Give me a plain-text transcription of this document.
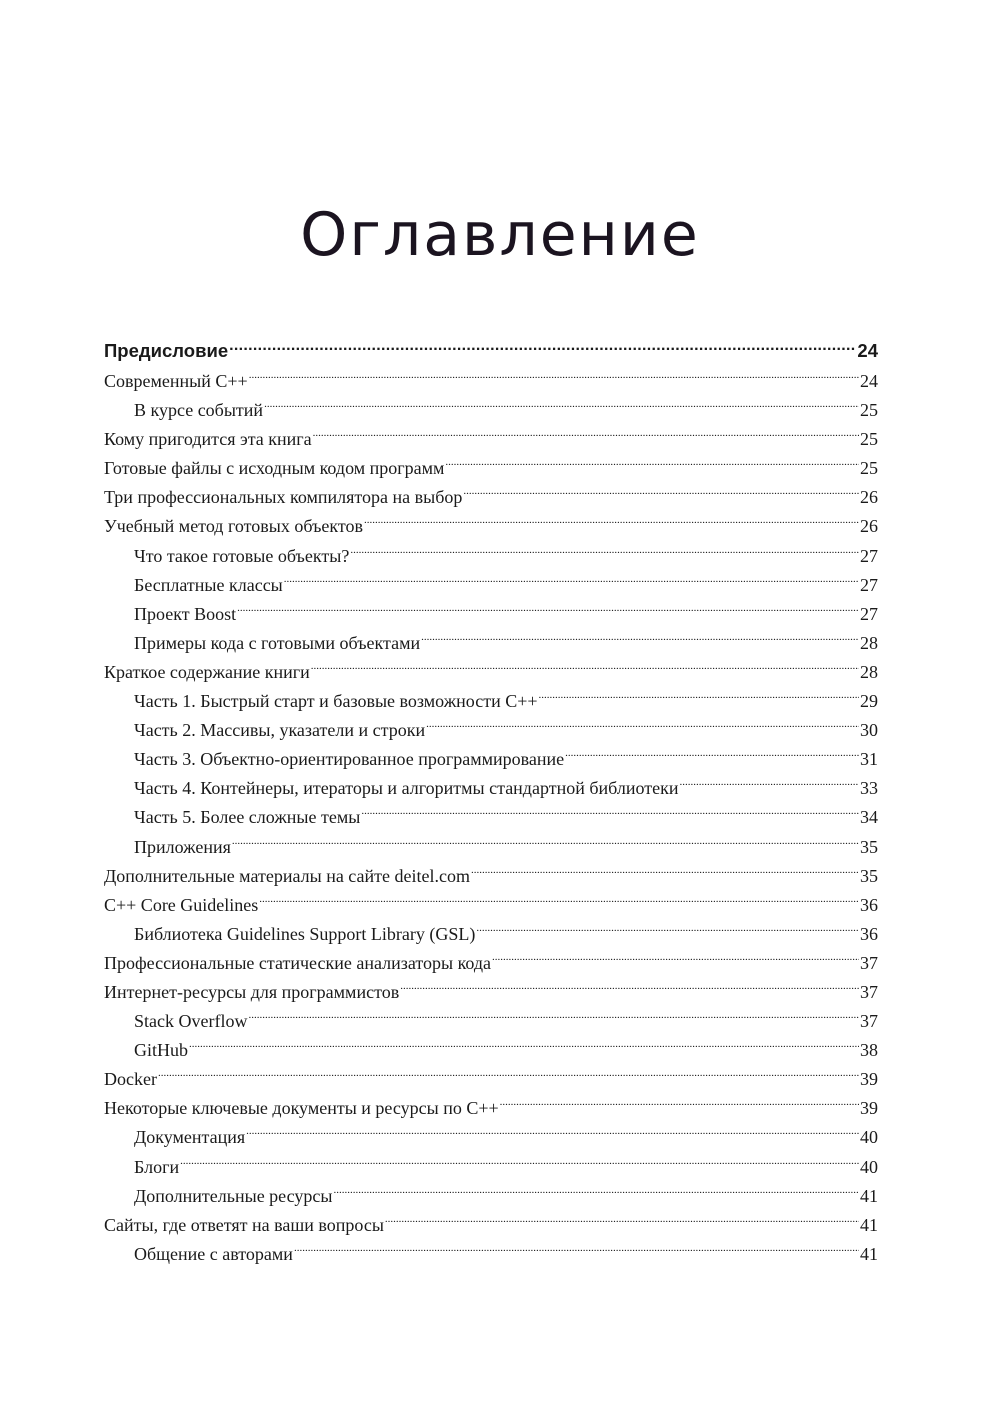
Оглавление
Предисловие .....	24
Современный C++ .....	24
В курсе событий .....	25
Кому пригодится эта книга .....	25
Готовые файлы с исходным кодом программ .....	25
Три профессиональных компилятора на выбор .....	26
Учебный метод готовых объектов .....	26
Что такое готовые объекты? .....	27
Бесплатные классы .....	27
Проект Boost .....	27
Примеры кода с готовыми объектами .....	28
Краткое содержание книги .....	28
Часть 1. Быстрый старт и базовые возможности C++ .....	29
Часть 2. Массивы, указатели и строки .....	30
Часть 3. Объектно-ориентированное программирование .....	31
Часть 4. Контейнеры, итераторы и алгоритмы стандартной библиотеки .....	33
Часть 5. Более сложные темы .....	34
Приложения .....	35
Дополнительные материалы на сайте deitel.com .....	35
C++ Core Guidelines .....	36
Библиотека Guidelines Support Library (GSL) .....	36
Профессиональные статические анализаторы кода .....	37
Интернет-ресурсы для программистов .....	37
Stack Overflow .....	37
GitHub .....	38
Docker .....	39
Некоторые ключевые документы и ресурсы по C++ .....	39
Документация .....	40
Блоги .....	40
Дополнительные ресурсы .....	41
Сайты, где ответят на ваши вопросы .....	41
Общение с авторами .....	41
